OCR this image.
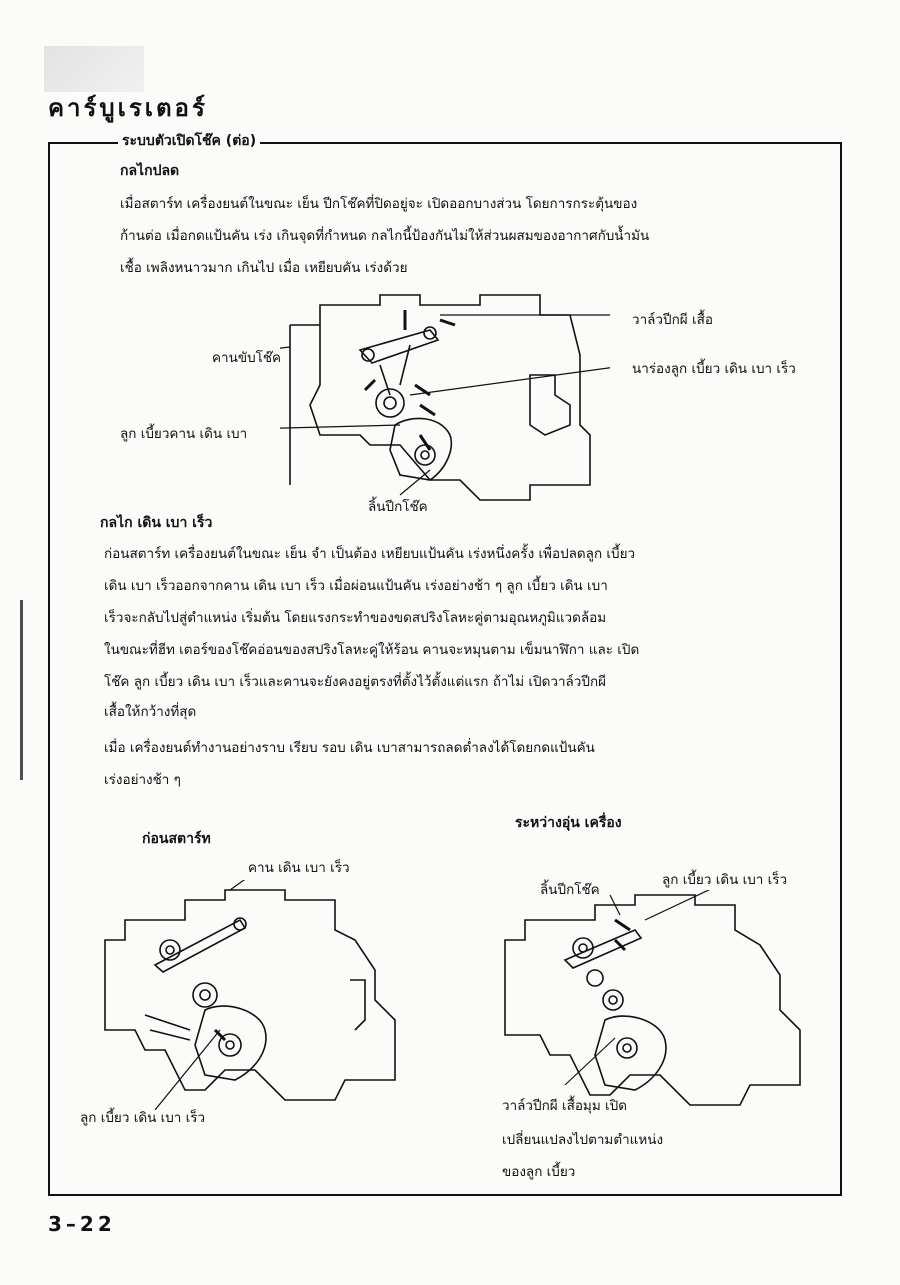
คาร์บูเรเตอร์
ระบบตัวเปิดโช๊ค (ต่อ)
กลไกปลด
เมื่อสตาร์ท เครื่องยนต์ในขณะ เย็น ปีกโช๊คที่ปิดอยู่จะ เปิดออกบางส่วน โดยการกระตุ้นของ
ก้านต่อ เมื่อกดแป้นคัน เร่ง เกินจุดที่กำหนด กลไกนี้ป้องกันไม่ให้ส่วนผสมของอากาศกับน้ำมัน
เชื้อ เพลิงหนาวมาก เกินไป เมื่อ เหยียบคัน เร่งด้วย
วาล์วปีกผี เสื้อ
คานขับโช๊ค
นาร่องลูก เบี้ยว เดิน เบา เร็ว
ลูก เบี้ยวคาน เดิน เบา
ลิ้นปีกโช๊ค
กลไก เดิน เบา เร็ว
ก่อนสตาร์ท เครื่องยนต์ในขณะ เย็น จำ เป็นต้อง เหยียบแป้นคัน เร่งหนึ่งครั้ง เพื่อปลดลูก เบี้ยว
เดิน เบา เร็วออกจากคาน เดิน เบา เร็ว เมื่อผ่อนแป้นคัน เร่งอย่างช้า ๆ ลูก เบี้ยว เดิน เบา
เร็วจะกลับไปสู่ตำแหน่ง เริ่มต้น โดยแรงกระทำของขดสปริงโลหะคู่ตามอุณหภูมิแวดล้อม
ในขณะที่ฮีท เตอร์ของโช๊คอ่อนของสปริงโลหะคู่ให้ร้อน คานจะหมุนตาม เข็มนาฬิกา และ เปิด
โช๊ค ลูก เบี้ยว เดิน เบา เร็วและคานจะยังคงอยู่ตรงที่ตั้งไว้ตั้งแต่แรก ถ้าไม่ เปิดวาล์วปีกผี
เสื้อให้กว้างที่สุด
เมื่อ เครื่องยนต์ทำงานอย่างราบ เรียบ รอบ เดิน เบาสามารถลดต่ำลงได้โดยกดแป้นคัน
เร่งอย่างช้า ๆ
ก่อนสตาร์ท
คาน เดิน เบา เร็ว
ลูก เบี้ยว เดิน เบา เร็ว
ระหว่างอุ่น เครื่อง
ลิ้นปีกโช๊ค
ลูก เบี้ยว เดิน เบา เร็ว
วาล์วปีกผี เสื้อมุม เปิด
เปลี่ยนแปลงไปตามตำแหน่ง
ของลูก เบี้ยว
3–22
